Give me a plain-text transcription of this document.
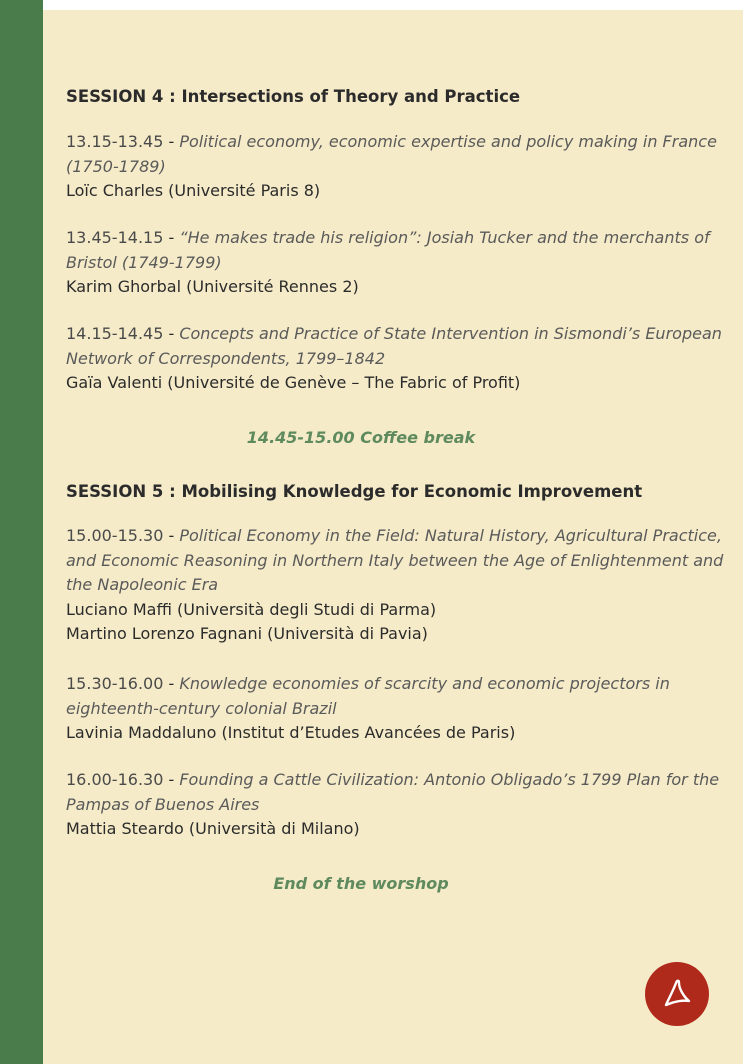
SESSION 4 : Intersections of Theory and Practice
13.15-13.45 - Political economy, economic expertise and policy making in France (1750-1789)
Loïc Charles (Université Paris 8)
13.45-14.15 - “He makes trade his religion”: Josiah Tucker and the merchants of Bristol (1749-1799)
Karim Ghorbal (Université Rennes 2)
14.15-14.45 - Concepts and Practice of State Intervention in Sismondi’s European Network of Correspondents, 1799–1842
Gaïa Valenti (Université de Genève – The Fabric of Profit)
14.45-15.00 Coffee break
SESSION 5 : Mobilising Knowledge for Economic Improvement
15.00-15.30 - Political Economy in the Field: Natural History, Agricultural Practice, and Economic Reasoning in Northern Italy between the Age of Enlightenment and the Napoleonic Era
Luciano Maffi (Università degli Studi di Parma)
Martino Lorenzo Fagnani (Università di Pavia)
15.30-16.00 - Knowledge economies of scarcity and economic projectors in eighteenth-century colonial Brazil
Lavinia Maddaluno (Institut d’Etudes Avancées de Paris)
16.00-16.30 - Founding a Cattle Civilization: Antonio Obligado’s 1799 Plan for the Pampas of Buenos Aires
Mattia Steardo (Università di Milano)
End of the worshop
